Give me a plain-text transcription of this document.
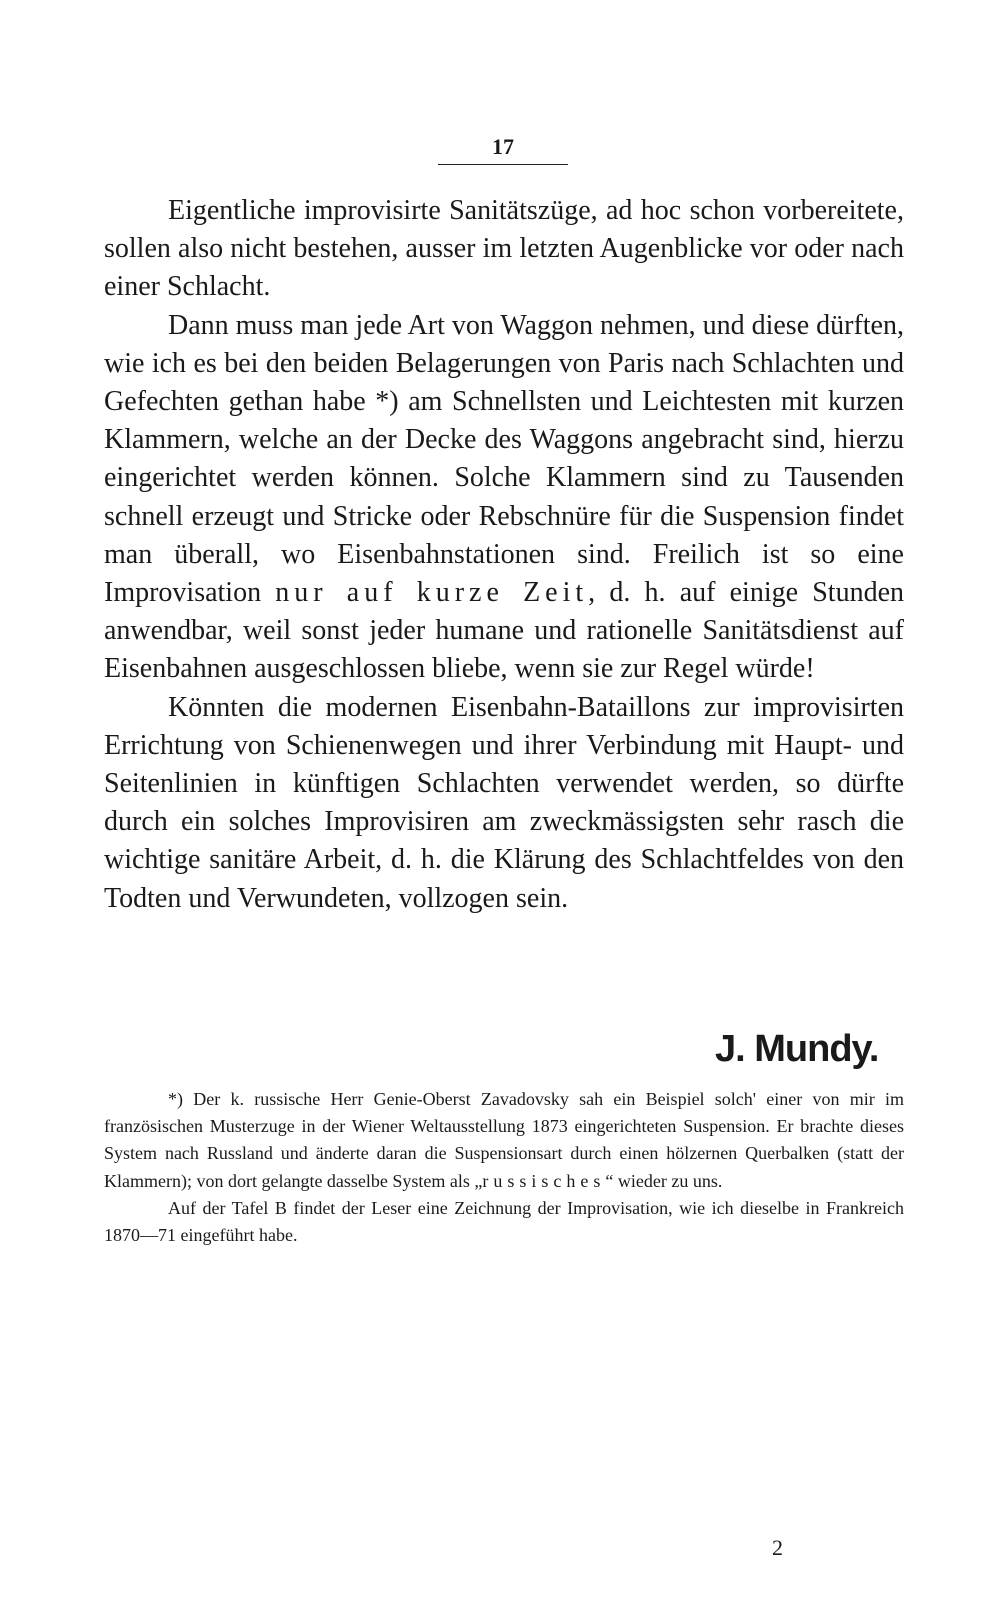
17

Eigentliche improvisirte Sanitätszüge, ad hoc schon vorbereitete, sollen also nicht bestehen, ausser im letzten Augenblicke vor oder nach einer Schlacht.

Dann muss man jede Art von Waggon nehmen, und diese dürften, wie ich es bei den beiden Belagerungen von Paris nach Schlachten und Gefechten gethan habe *) am Schnellsten und Leichtesten mit kurzen Klammern, welche an der Decke des Waggons angebracht sind, hierzu eingerichtet werden können. Solche Klammern sind zu Tausenden schnell erzeugt und Stricke oder Rebschnüre für die Suspension findet man überall, wo Eisenbahnstationen sind. Freilich ist so eine Improvisation nur auf kurze Zeit, d. h. auf einige Stunden anwendbar, weil sonst jeder humane und rationelle Sanitätsdienst auf Eisenbahnen ausgeschlossen bliebe, wenn sie zur Regel würde!

Könnten die modernen Eisenbahn-Bataillons zur improvisirten Errichtung von Schienenwegen und ihrer Verbindung mit Haupt- und Seitenlinien in künftigen Schlachten verwendet werden, so dürfte durch ein solches Improvisiren am zweckmässigsten sehr rasch die wichtige sanitäre Arbeit, d. h. die Klärung des Schlachtfeldes von den Todten und Verwundeten, vollzogen sein.

J. Mundy.

*) Der k. russische Herr Genie-Oberst Zavadovsky sah ein Beispiel solch' einer von mir im französischen Musterzuge in der Wiener Weltausstellung 1873 eingerichteten Suspension. Er brachte dieses System nach Russland und änderte daran die Suspensionsart durch einen hölzernen Querbalken (statt der Klammern); von dort gelangte dasselbe System als „russisches“ wieder zu uns.

Auf der Tafel B findet der Leser eine Zeichnung der Improvisation, wie ich dieselbe in Frankreich 1870—71 eingeführt habe.

2
